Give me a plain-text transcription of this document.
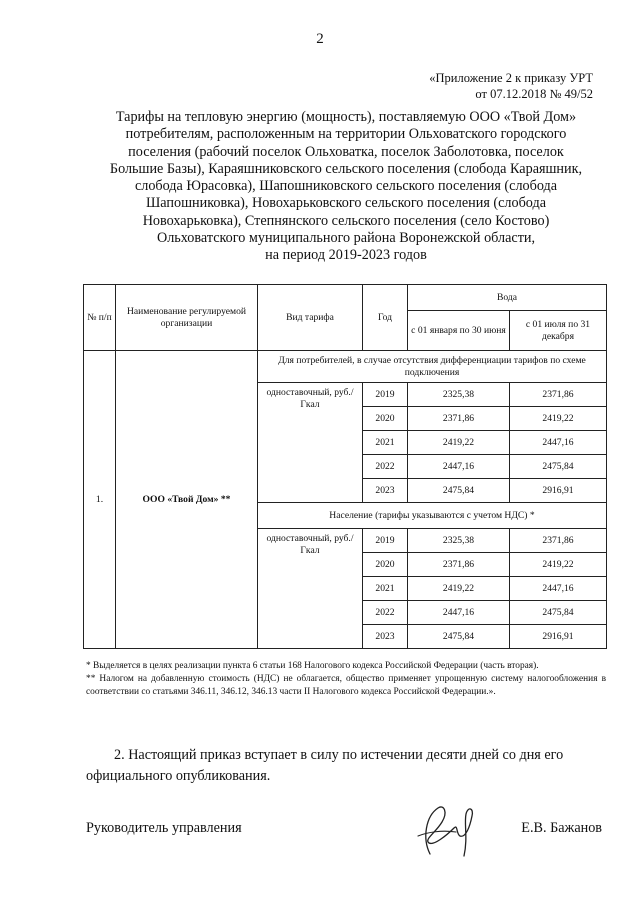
2
«Приложение 2 к приказу УРТ
от 07.12.2018 № 49/52
Тарифы на тепловую энергию (мощность), поставляемую ООО «Твой Дом»
потребителям, расположенным на территории Ольховатского городского
поселения (рабочий поселок Ольховатка, поселок Заболотовка, поселок
Большие Базы), Караяшниковского сельского поселения (слобода Караяшник,
слобода Юрасовка), Шапошниковского сельского поселения (слобода
Шапошниковка), Новохарьковского сельского поселения (слобода
Новохарьковка), Степнянского сельского поселения (село Костово)
Ольховатского муниципального района Воронежской области,
на период 2019-2023 годов
№ п/п	Наименование регулируемой организации	Вид тарифа	Год	Вода	
				с 01 января по 30 июня	с 01 июля по 31 декабря
1.	ООО «Твой Дом» **	Для потребителей, в случае отсутствия дифференциации тарифов по схеме подключения			
		одноставочный, руб./Гкал	2019	2325,38	2371,86
			2020	2371,86	2419,22
			2021	2419,22	2447,16
			2022	2447,16	2475,84
			2023	2475,84	2916,91
		Население (тарифы указываются с учетом НДС) *			
		одноставочный, руб./Гкал	2019	2325,38	2371,86
			2020	2371,86	2419,22
			2021	2419,22	2447,16
			2022	2447,16	2475,84
			2023	2475,84	2916,91
* Выделяется в целях реализации пункта 6 статьи 168 Налогового кодекса Российской Федерации (часть вторая).
** Налогом на добавленную стоимость (НДС) не облагается, общество применяет упрощенную систему налогообложения в соответствии со статьями 346.11, 346.12, 346.13 части II Налогового кодекса Российской Федерации.».
2. Настоящий приказ вступает в силу по истечении десяти дней со дня его официального опубликования.
Руководитель управления	Е.В. Бажанов
